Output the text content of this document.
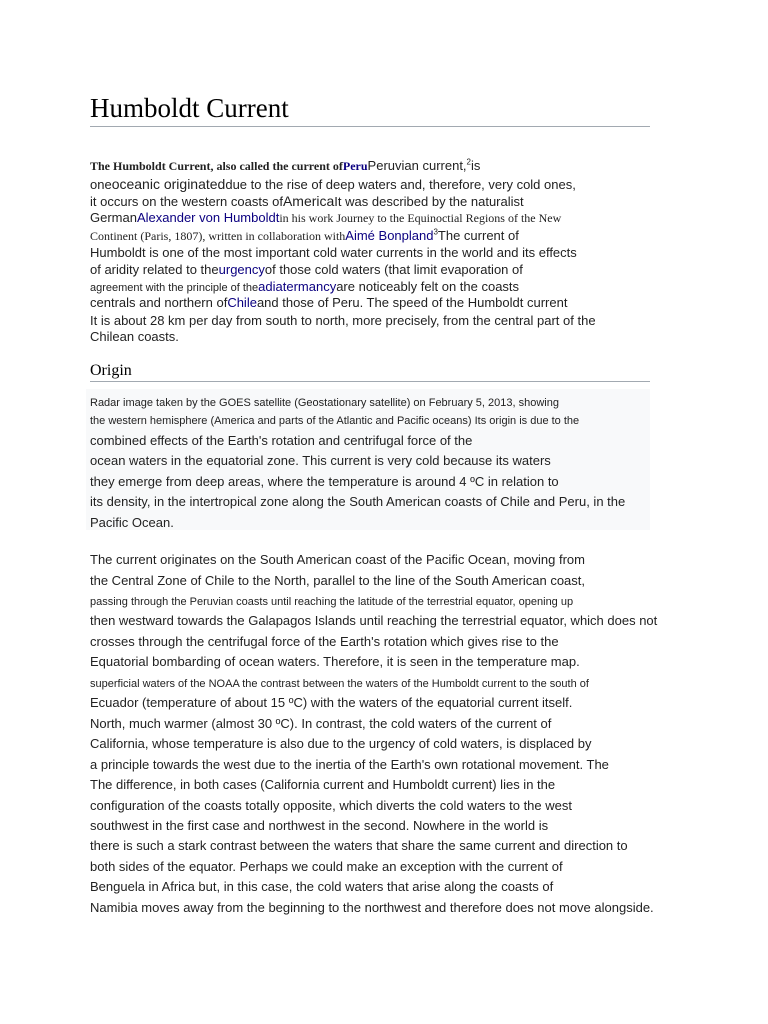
Humboldt Current
The Humboldt Current, also called the current ofPeruPeruvian current,$^2$is
oneoceanic originateddue to the rise of deep waters and, therefore, very cold ones,
it occurs on the western coasts ofAmericaIt was described by the naturalist
GermanAlexander von Humboldtin his work Journey to the Equinoctial Regions of the New
Continent (Paris, 1807), written in collaboration withAimé Bonpland$^3$The current of
Humboldt is one of the most important cold water currents in the world and its effects
of aridity related to theurgencyof those cold waters (that limit evaporation of
agreement with the principle of theadiatermancyare noticeably felt on the coasts
centrals and northern ofChileand those of Peru. The speed of the Humboldt current
It is about 28 km per day from south to north, more precisely, from the central part of the
Chilean coasts.
Origin
Radar image taken by the GOES satellite (Geostationary satellite) on February 5, 2013, showing
the western hemisphere (America and parts of the Atlantic and Pacific oceans) Its origin is due to the
combined effects of the Earth's rotation and centrifugal force of the
ocean waters in the equatorial zone. This current is very cold because its waters
they emerge from deep areas, where the temperature is around 4 ºC in relation to
its density, in the intertropical zone along the South American coasts of Chile and Peru, in the
Pacific Ocean.
The current originates on the South American coast of the Pacific Ocean, moving from
the Central Zone of Chile to the North, parallel to the line of the South American coast,
passing through the Peruvian coasts until reaching the latitude of the terrestrial equator, opening up
then westward towards the Galapagos Islands until reaching the terrestrial equator, which does not
crosses through the centrifugal force of the Earth's rotation which gives rise to the
Equatorial bombarding of ocean waters. Therefore, it is seen in the temperature map.
superficial waters of the NOAA the contrast between the waters of the Humboldt current to the south of
Ecuador (temperature of about 15 ºC) with the waters of the equatorial current itself.
North, much warmer (almost 30 ºC). In contrast, the cold waters of the current of
California, whose temperature is also due to the urgency of cold waters, is displaced by
a principle towards the west due to the inertia of the Earth's own rotational movement. The
The difference, in both cases (California current and Humboldt current) lies in the
configuration of the coasts totally opposite, which diverts the cold waters to the west
southwest in the first case and northwest in the second. Nowhere in the world is
there is such a stark contrast between the waters that share the same current and direction to
both sides of the equator. Perhaps we could make an exception with the current of
Benguela in Africa but, in this case, the cold waters that arise along the coasts of
Namibia moves away from the beginning to the northwest and therefore does not move alongside.
